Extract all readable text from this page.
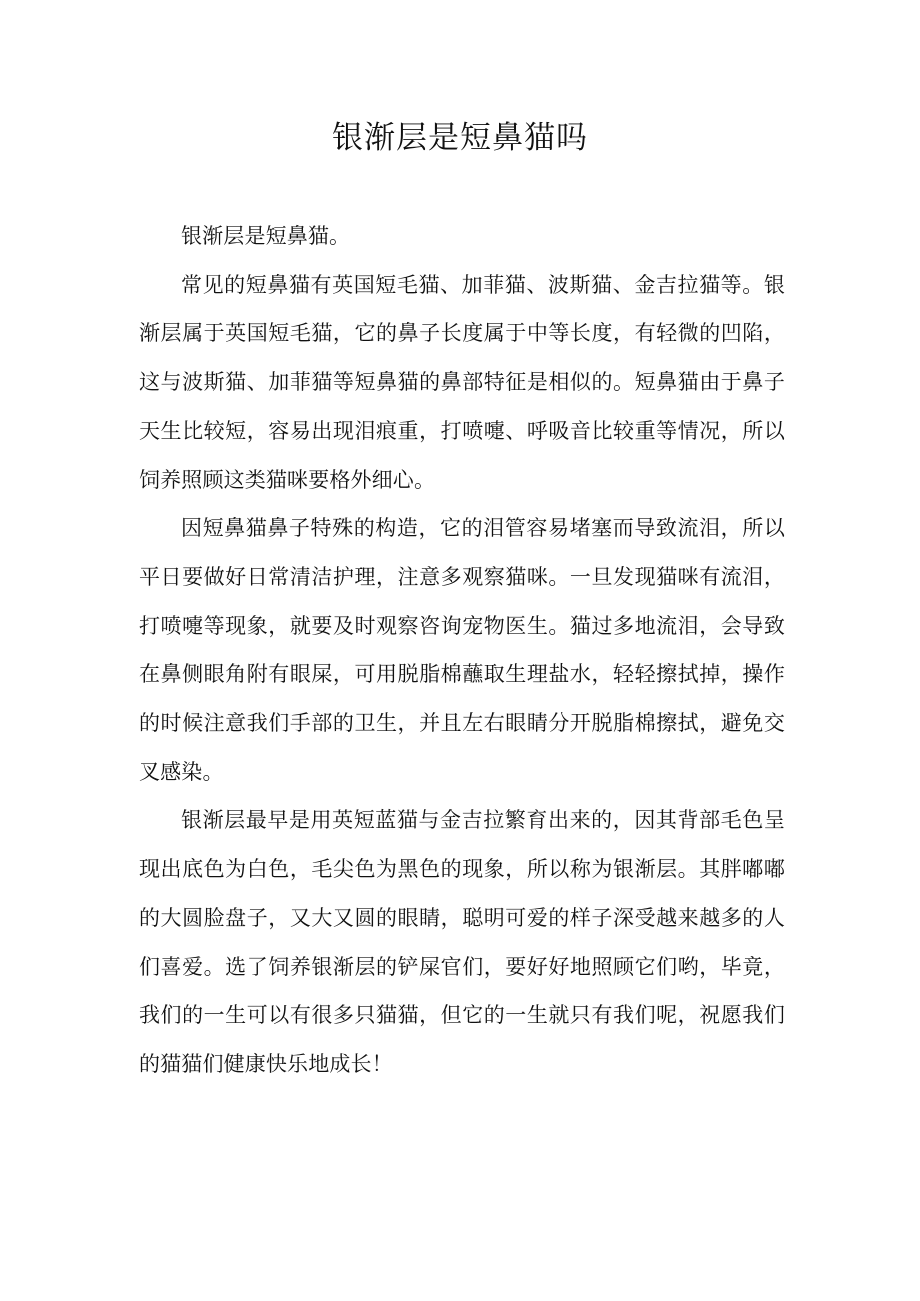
银渐层是短鼻猫吗

银渐层是短鼻猫。

常见的短鼻猫有英国短毛猫、加菲猫、波斯猫、金吉拉猫等。银渐层属于英国短毛猫，它的鼻子长度属于中等长度，有轻微的凹陷，这与波斯猫、加菲猫等短鼻猫的鼻部特征是相似的。短鼻猫由于鼻子天生比较短，容易出现泪痕重，打喷嚏、呼吸音比较重等情况，所以饲养照顾这类猫咪要格外细心。

因短鼻猫鼻子特殊的构造，它的泪管容易堵塞而导致流泪，所以平日要做好日常清洁护理，注意多观察猫咪。一旦发现猫咪有流泪，打喷嚏等现象，就要及时观察咨询宠物医生。猫过多地流泪，会导致在鼻侧眼角附有眼屎，可用脱脂棉蘸取生理盐水，轻轻擦拭掉，操作的时候注意我们手部的卫生，并且左右眼睛分开脱脂棉擦拭，避免交叉感染。

银渐层最早是用英短蓝猫与金吉拉繁育出来的，因其背部毛色呈现出底色为白色，毛尖色为黑色的现象，所以称为银渐层。其胖嘟嘟的大圆脸盘子，又大又圆的眼睛，聪明可爱的样子深受越来越多的人们喜爱。选了饲养银渐层的铲屎官们，要好好地照顾它们哟，毕竟，我们的一生可以有很多只猫猫，但它的一生就只有我们呢，祝愿我们的猫猫们健康快乐地成长！
